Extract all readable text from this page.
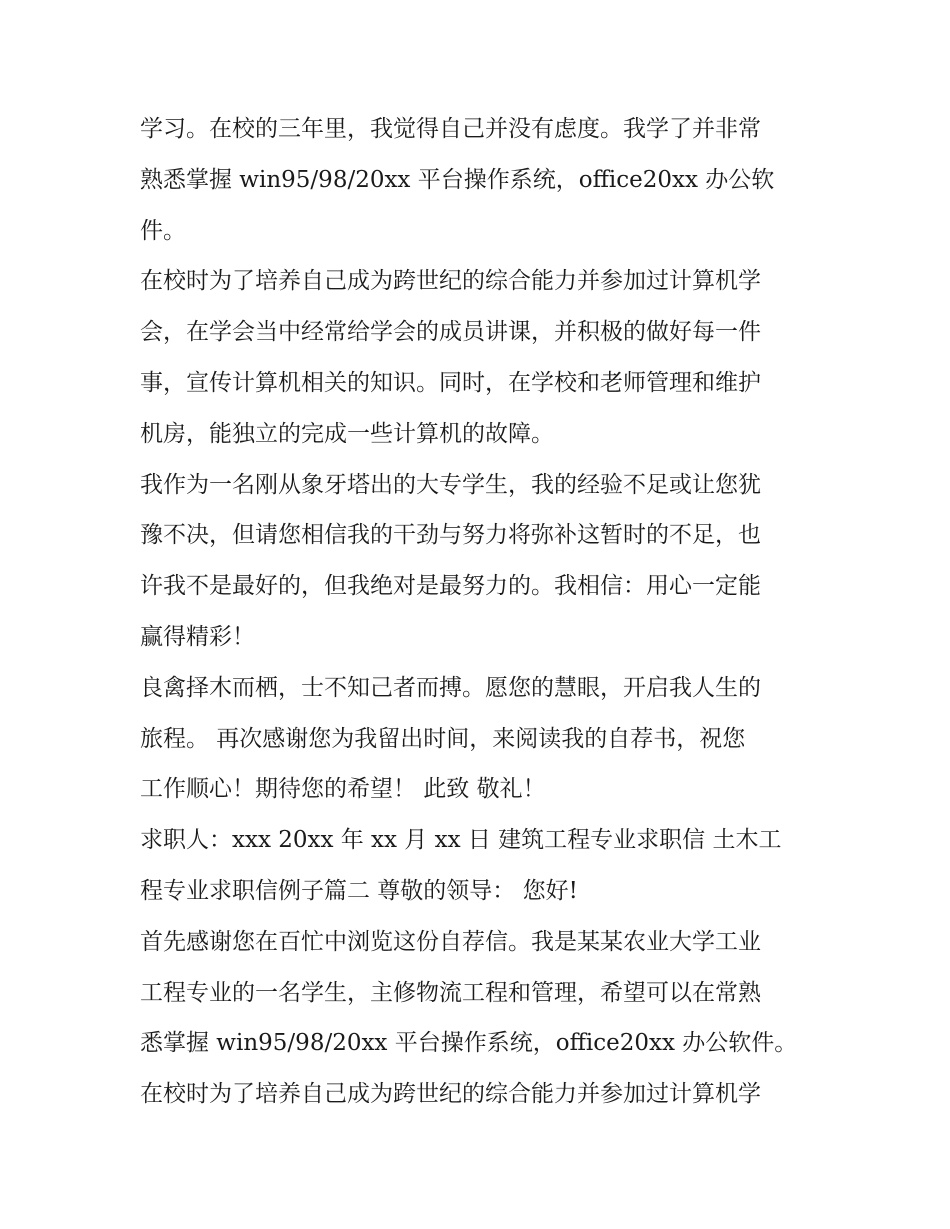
学习。在校的三年里，我觉得自己并没有虑度。我学了并非常
熟悉掌握 win95/98/20xx 平台操作系统，office20xx 办公软
件。
在校时为了培养自己成为跨世纪的综合能力并参加过计算机学
会，在学会当中经常给学会的成员讲课，并积极的做好每一件
事，宣传计算机相关的知识。同时，在学校和老师管理和维护
机房，能独立的完成一些计算机的故障。
我作为一名刚从象牙塔出的大专学生，我的经验不足或让您犹
豫不决，但请您相信我的干劲与努力将弥补这暂时的不足，也
许我不是最好的，但我绝对是最努力的。我相信：用心一定能
赢得精彩！
良禽择木而栖，士不知己者而搏。愿您的慧眼，开启我人生的
旅程。 再次感谢您为我留出时间，来阅读我的自荐书，祝您
工作顺心！期待您的希望！ 此致 敬礼！
求职人：xxx 20xx 年 xx 月 xx 日 建筑工程专业求职信 土木工
程专业求职信例子篇二 尊敬的领导： 您好!
首先感谢您在百忙中浏览这份自荐信。我是某某农业大学工业
工程专业的一名学生，主修物流工程和管理，希望可以在常熟
悉掌握 win95/98/20xx 平台操作系统，office20xx 办公软件。
在校时为了培养自己成为跨世纪的综合能力并参加过计算机学
